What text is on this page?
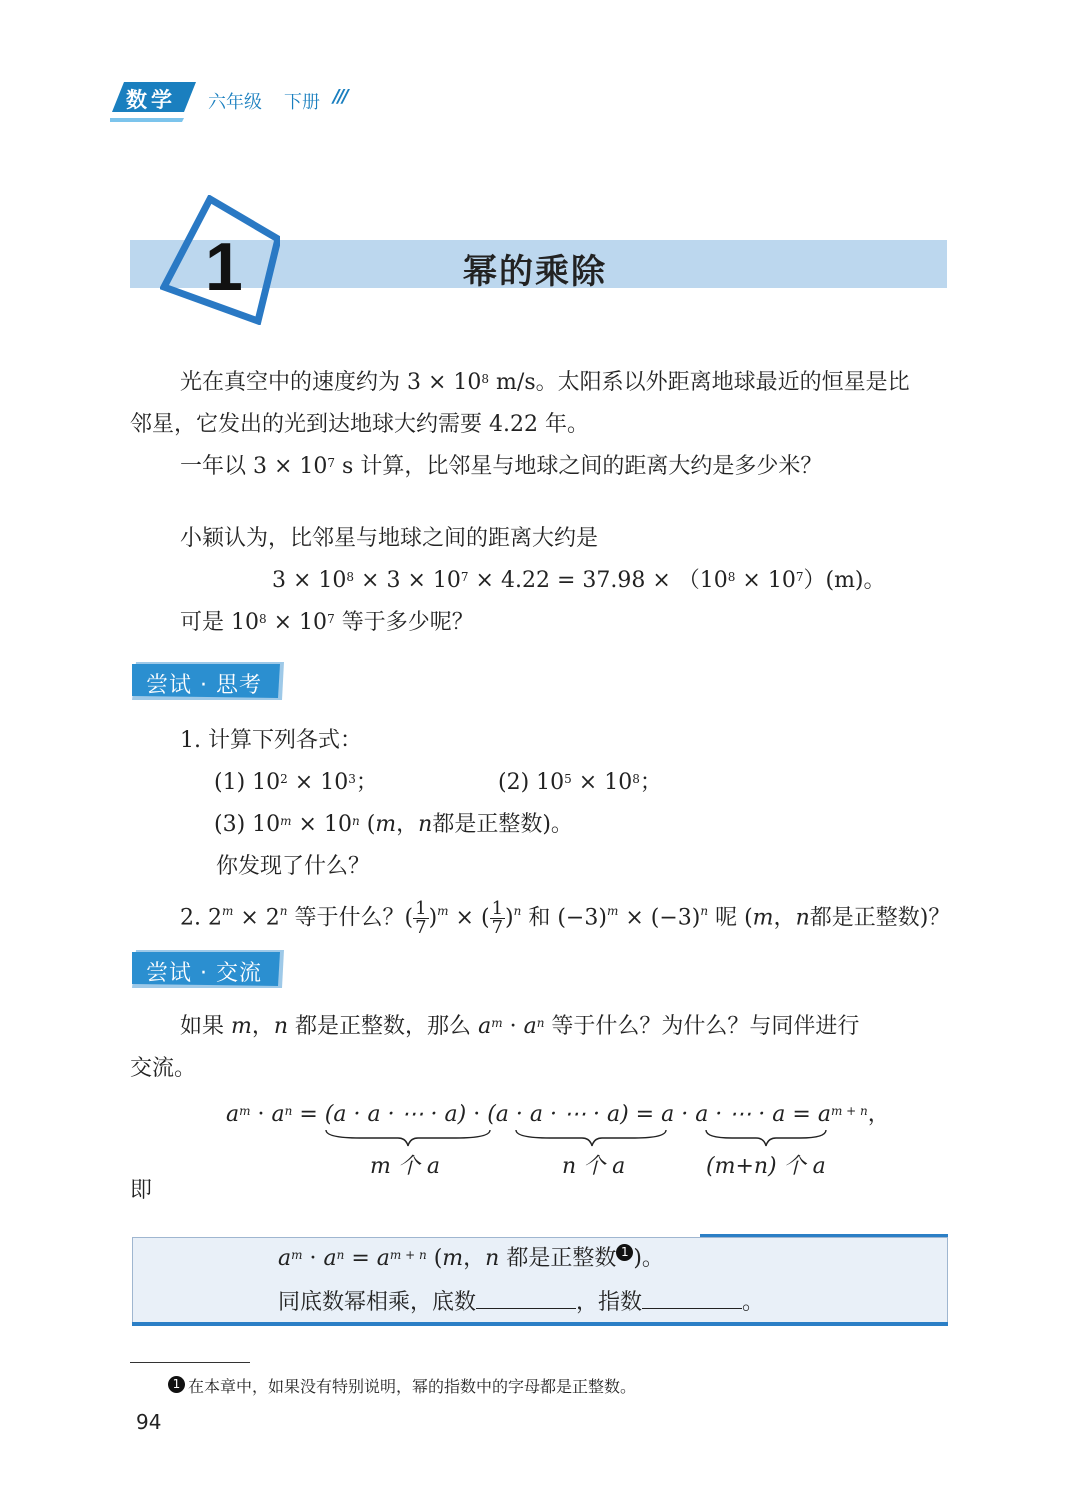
数学	六年级 下册 ///
1	幂的乘除
光在真空中的速度约为 $3 \times 10^8$ m/s。太阳系以外距离地球最近的恒星是比
邻星，它发出的光到达地球大约需要 4.22 年。
一年以 $3 \times 10^7$ s 计算，比邻星与地球之间的距离大约是多少米？
小颖认为，比邻星与地球之间的距离大约是
$3 \times 10^8 \times 3 \times 10^7 \times 4.22 = 37.98 \times (10^8 \times 10^7)(m)$。
可是 $10^8 \times 10^7$ 等于多少呢？
尝试 · 思考
1. 计算下列各式：
(1) $10^2 \times 10^3$；	(2) $10^5 \times 10^8$；
(3) $10^m \times 10^n$ (m，n都是正整数)。
你发现了什么？
2. $2^m \times 2^n$ 等于什么？( $\frac{1}{7} )^m$ × ( $\frac{1}{7} )^n$ 和 $(-3)^m \times (-3)^n$ 呢 (m，n都是正整数)？
尝试 · 交流
如果 m，n 都是正整数，那么 $a^m \cdot a^n$ 等于什么？为什么？与同伴进行
交流。
$a^m \cdot a^n = (a \cdot a$ · ⋯ · a) · (a · a · ⋯ · a) = a · a · ⋯ · $a = a^{m + n}$，
m 个 a	n 个 a	(m+n) 个 a
即
$a^m \cdot a^n = a^{m + n}$ (m，n 都是正整数 1 )。
同底数幂相乘，底数	，指数	。
1 在本章中，如果没有特别说明，幂的指数中的字母都是正整数。
94
